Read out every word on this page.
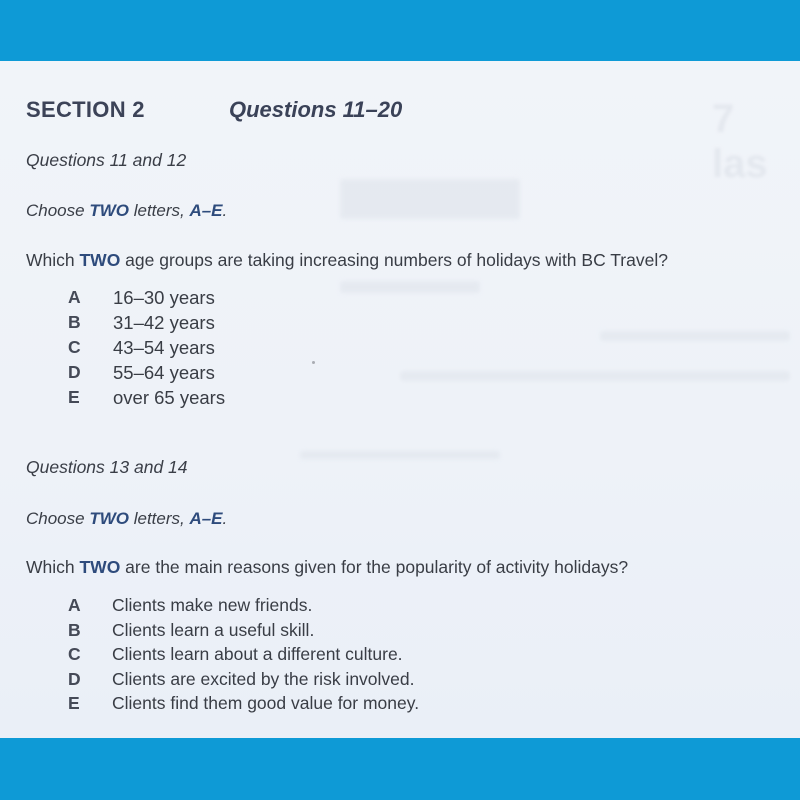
7 las
SECTION 2	Questions 11–20
Questions 11 and 12
Choose TWO letters, A–E.
Which TWO age groups are taking increasing numbers of holidays with BC Travel?
A 16–30 years
B 31–42 years
C 43–54 years
D 55–64 years
E over 65 years
Questions 13 and 14
Choose TWO letters, A–E.
Which TWO are the main reasons given for the popularity of activity holidays?
A Clients make new friends.
B Clients learn a useful skill.
C Clients learn about a different culture.
D Clients are excited by the risk involved.
E Clients find them good value for money.
